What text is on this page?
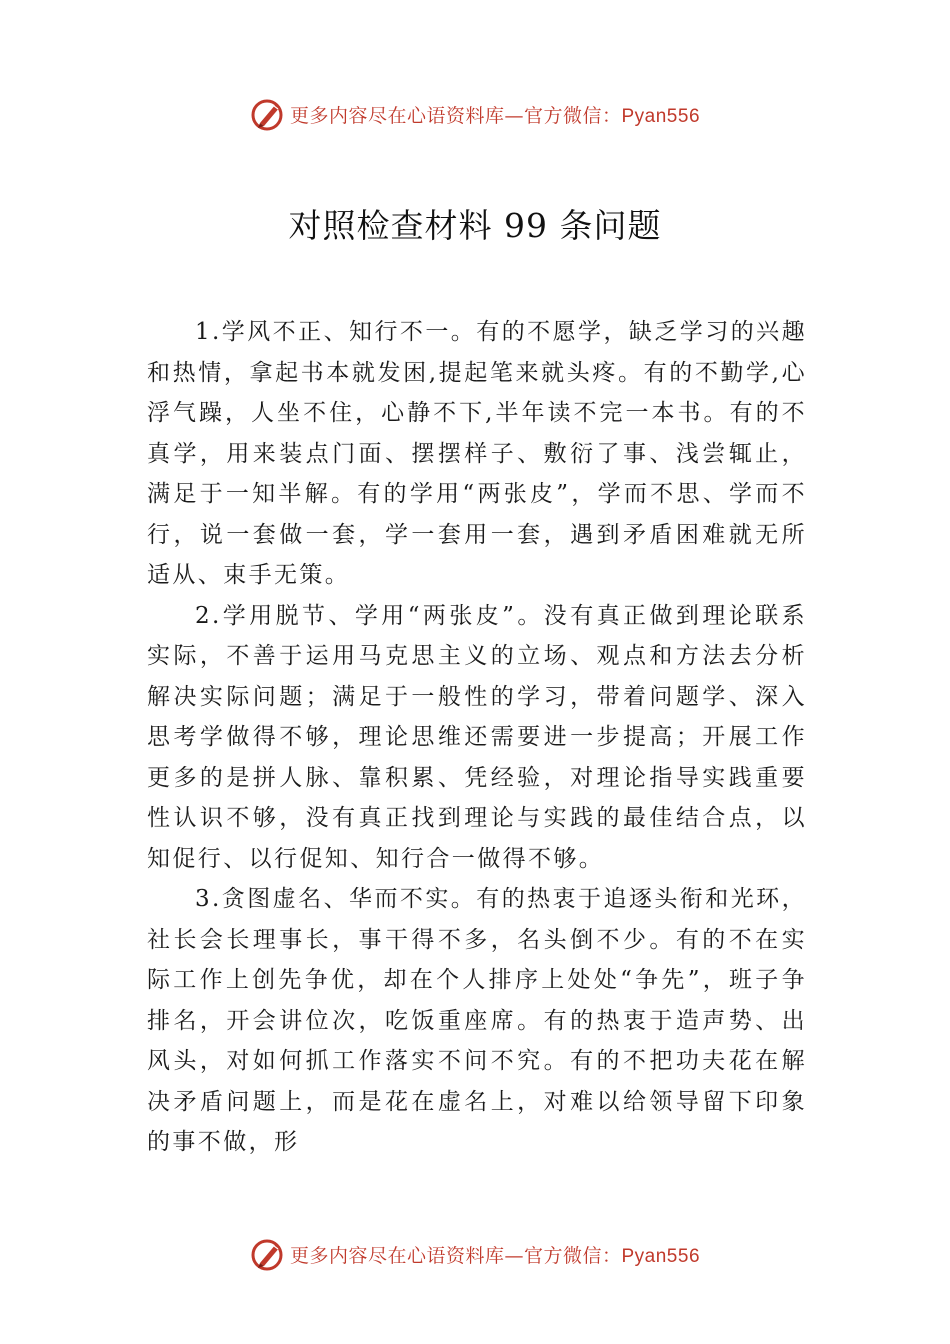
更多内容尽在心语资料库—官方微信：Pyan556
对照检查材料 99 条问题

1.学风不正、知行不一。有的不愿学，缺乏学习的兴趣和热情，拿起书本就发困,提起笔来就头疼。有的不勤学,心浮气躁，人坐不住，心静不下,半年读不完一本书。有的不真学，用来装点门面、摆摆样子、敷衍了事、浅尝辄止，满足于一知半解。有的学用“两张皮”，学而不思、学而不行，说一套做一套，学一套用一套，遇到矛盾困难就无所适从、束手无策。

2.学用脱节、学用“两张皮”。没有真正做到理论联系实际，不善于运用马克思主义的立场、观点和方法去分析解决实际问题；满足于一般性的学习，带着问题学、深入思考学做得不够，理论思维还需要进一步提高；开展工作更多的是拼人脉、靠积累、凭经验，对理论指导实践重要性认识不够，没有真正找到理论与实践的最佳结合点，以知促行、以行促知、知行合一做得不够。

3.贪图虚名、华而不实。有的热衷于追逐头衔和光环，社长会长理事长，事干得不多，名头倒不少。有的不在实际工作上创先争优，却在个人排序上处处“争先”，班子争排名，开会讲位次，吃饭重座席。有的热衷于造声势、出风头，对如何抓工作落实不问不究。有的不把功夫花在解决矛盾问题上，而是花在虚名上，对难以给领导留下印象的事不做，形

更多内容尽在心语资料库—官方微信：Pyan556
